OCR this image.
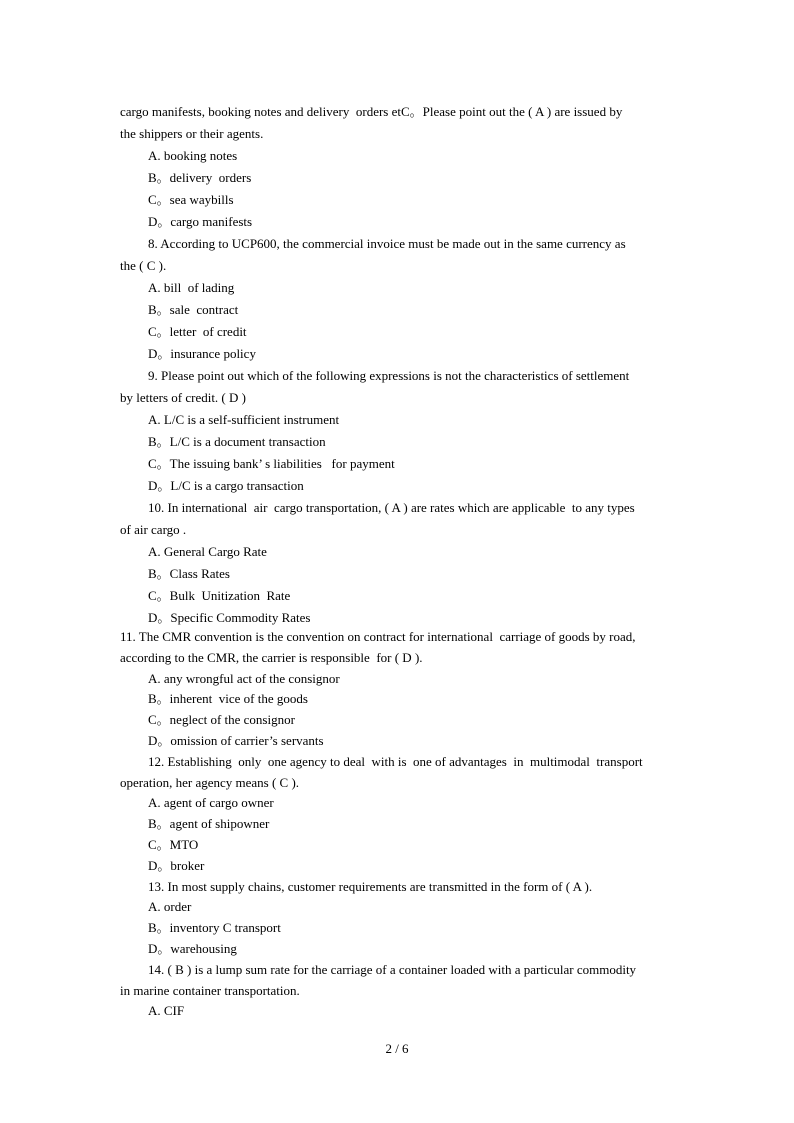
cargo manifests, booking notes and delivery  orders etC。Please point out the ( A ) are issued by
the shippers or their agents.
A. booking notes
B。delivery  orders
C。sea waybills
D。cargo manifests
8. According to UCP600, the commercial invoice must be made out in the same currency as
the ( C ).
A. bill  of lading
B。sale  contract
C。letter  of credit
D。insurance policy
9. Please point out which of the following expressions is not the characteristics of settlement
by letters of credit. ( D )
A. L/C is a self-sufficient instrument
B。L/C is a document transaction
C。The issuing bank’ s liabilities   for payment
D。L/C is a cargo transaction
10. In international  air  cargo transportation, ( A ) are rates which are applicable  to any types
of air cargo .
A. General Cargo Rate
B。Class Rates
C。Bulk  Unitization  Rate
D。Specific Commodity Rates
11. The CMR convention is the convention on contract for international  carriage of goods by road,
according to the CMR, the carrier is responsible  for ( D ).
A. any wrongful act of the consignor
B。inherent  vice of the goods
C。neglect of the consignor
D。omission of carrier’s servants
12. Establishing  only  one agency to deal  with is  one of advantages  in  multimodal  transport
operation, her agency means ( C ).
A. agent of cargo owner
B。agent of shipowner
C。MTO
D。broker
13. In most supply chains, customer requirements are transmitted in the form of ( A ).
A. order
B。inventory C transport
D。warehousing
14. ( B ) is a lump sum rate for the carriage of a container loaded with a particular commodity
in marine container transportation.
A. CIF
2 / 6
